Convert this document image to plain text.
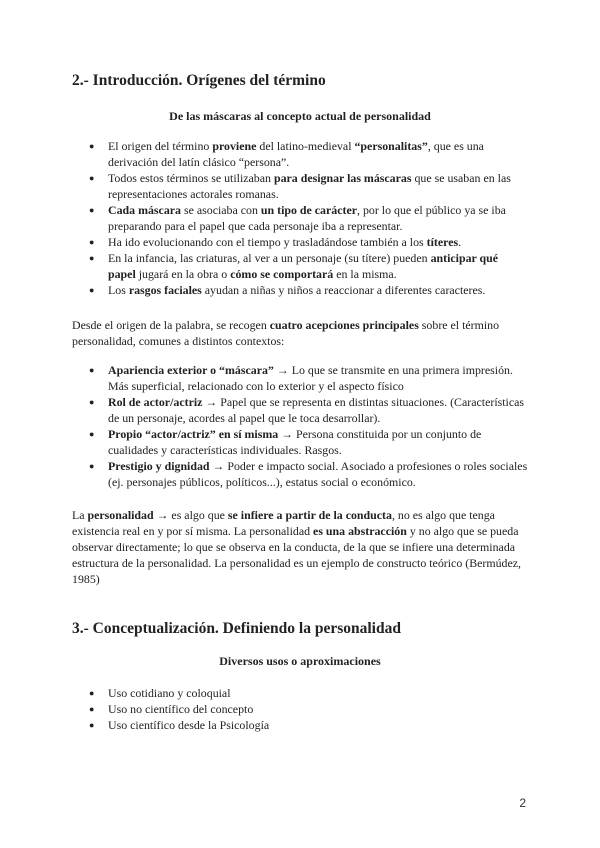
2.- Introducción. Orígenes del término

De las máscaras al concepto actual de personalidad

● El origen del término proviene del latino-medieval “personalitas”, que es una derivación del latín clásico “persona”.
● Todos estos términos se utilizaban para designar las máscaras que se usaban en las representaciones actorales romanas.
● Cada máscara se asociaba con un tipo de carácter, por lo que el público ya se iba preparando para el papel que cada personaje iba a representar.
● Ha ido evolucionando con el tiempo y trasladándose también a los títeres.
● En la infancia, las criaturas, al ver a un personaje (su títere) pueden anticipar qué papel jugará en la obra o cómo se comportará en la misma.
● Los rasgos faciales ayudan a niñas y niños a reaccionar a diferentes caracteres.

Desde el origen de la palabra, se recogen cuatro acepciones principales sobre el término personalidad, comunes a distintos contextos:

● Apariencia exterior o “máscara” → Lo que se transmite en una primera impresión. Más superficial, relacionado con lo exterior y el aspecto físico
● Rol de actor/actriz → Papel que se representa en distintas situaciones. (Características de un personaje, acordes al papel que le toca desarrollar).
● Propio “actor/actriz” en sí misma → Persona constituida por un conjunto de cualidades y características individuales. Rasgos.
● Prestigio y dignidad → Poder e impacto social. Asociado a profesiones o roles sociales (ej. personajes públicos, políticos...), estatus social o económico.

La personalidad → es algo que se infiere a partir de la conducta, no es algo que tenga existencia real en y por sí misma. La personalidad es una abstracción y no algo que se pueda observar directamente; lo que se observa en la conducta, de la que se infiere una determinada estructura de la personalidad. La personalidad es un ejemplo de constructo teórico (Bermúdez, 1985)

3.- Conceptualización. Definiendo la personalidad

Diversos usos o aproximaciones

● Uso cotidiano y coloquial
● Uso no científico del concepto
● Uso científico desde la Psicología
2
